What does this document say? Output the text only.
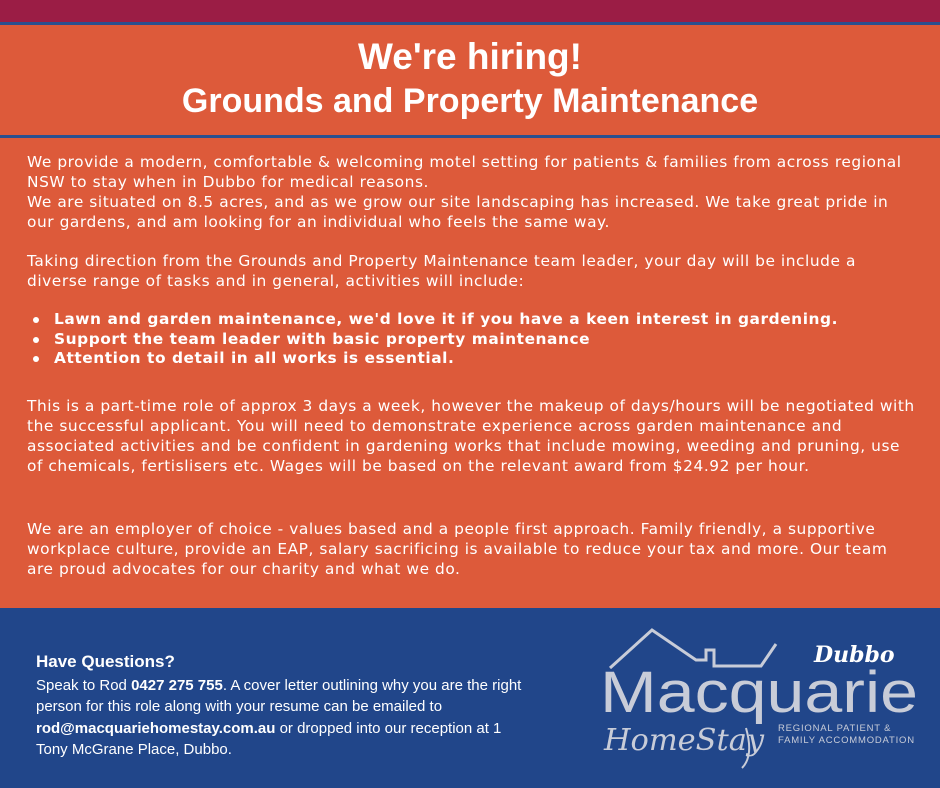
We're hiring!
Grounds and Property Maintenance

We provide a modern, comfortable & welcoming motel setting for patients & families from across regional NSW to stay when in Dubbo for medical reasons.

We are situated on 8.5 acres, and as we grow our site landscaping has increased. We take great pride in our gardens, and am looking for an individual who feels the same way.

Taking direction from the Grounds and Property Maintenance team leader, your day will be include a diverse range of tasks and in general, activities will include:

Lawn and garden maintenance, we'd love it if you have a keen interest in gardening.
Support the team leader with basic property maintenance
Attention to detail in all works is essential.

This is a part-time role of approx 3 days a week, however the makeup of days/hours will be negotiated with the successful applicant. You will need to demonstrate experience across garden maintenance and associated activities and be confident in gardening works that include mowing, weeding and pruning, use of chemicals, fertislisers etc. Wages will be based on the relevant award from $24.92 per hour.

We are an employer of choice - values based and a people first approach. Family friendly, a supportive workplace culture, provide an EAP, salary sacrificing is available to reduce your tax and more. Our team are proud advocates for our charity and what we do.

Have Questions?
Speak to Rod 0427 275 755. A cover letter outlining why you are the right person for this role along with your resume can be emailed to rod@macquariehomestay.com.au or dropped into our reception at 1 Tony McGrane Place, Dubbo.
Dubbo
Macquarie
HomeStay REGIONAL PATIENT &
FAMILY ACCOMMODATION
